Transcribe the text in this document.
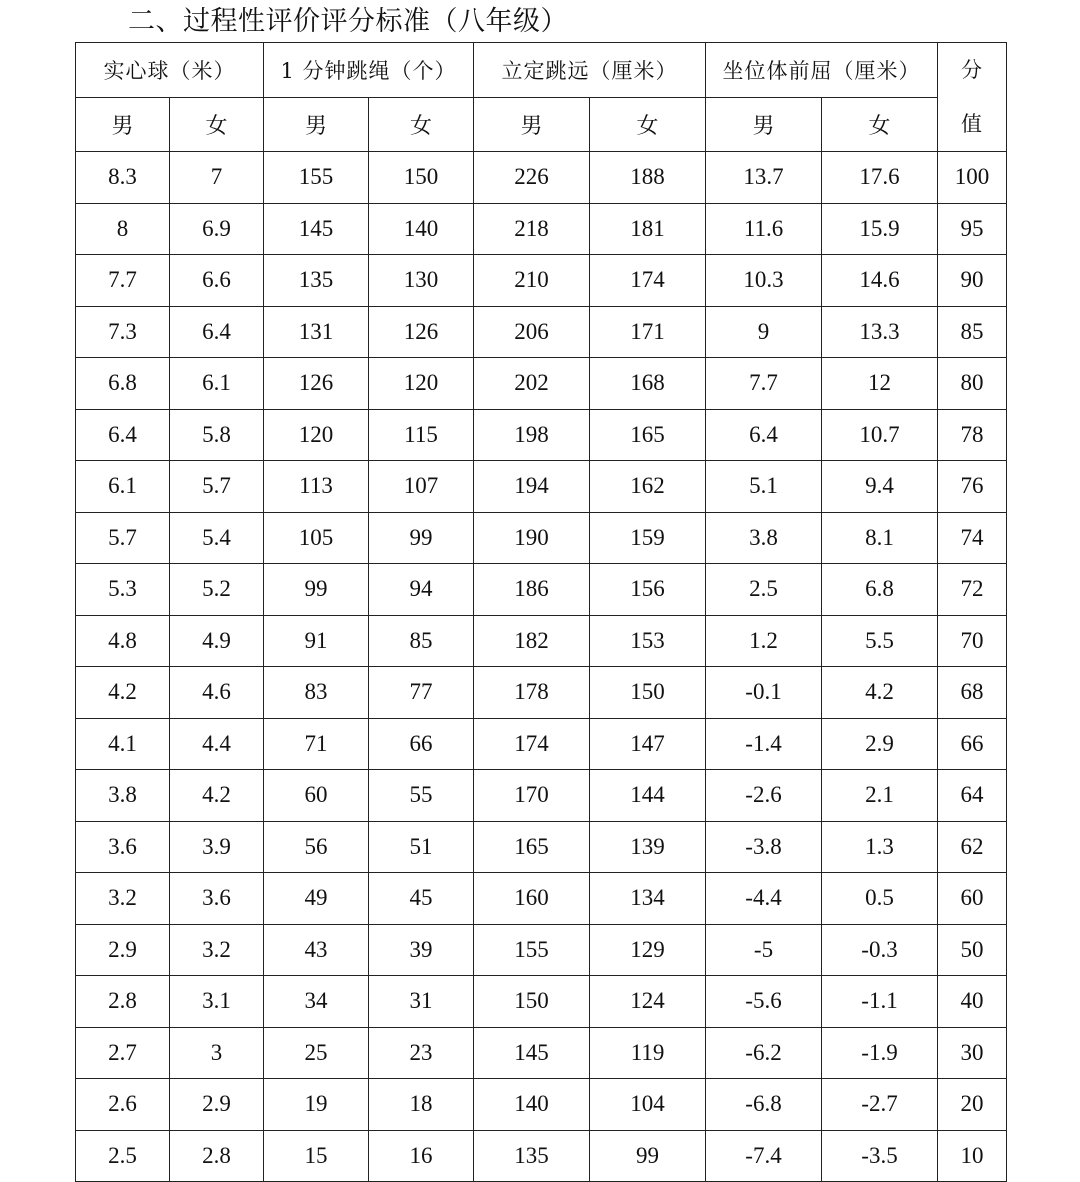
二、过程性评价评分标准（八年级）
实心球（米）		1 分钟跳绳（个）		立定跳远（厘米）		坐位体前屈（厘米）		分
值

男	女	男	女	男	女	男	女	
8.3	7	155	150	226	188	13.7	17.6	100
8	6.9	145	140	218	181	11.6	15.9	95
7.7	6.6	135	130	210	174	10.3	14.6	90
7.3	6.4	131	126	206	171	9	13.3	85
6.8	6.1	126	120	202	168	7.7	12	80
6.4	5.8	120	115	198	165	6.4	10.7	78
6.1	5.7	113	107	194	162	5.1	9.4	76
5.7	5.4	105	99	190	159	3.8	8.1	74
5.3	5.2	99	94	186	156	2.5	6.8	72
4.8	4.9	91	85	182	153	1.2	5.5	70
4.2	4.6	83	77	178	150	-0.1	4.2	68
4.1	4.4	71	66	174	147	-1.4	2.9	66
3.8	4.2	60	55	170	144	-2.6	2.1	64
3.6	3.9	56	51	165	139	-3.8	1.3	62
3.2	3.6	49	45	160	134	-4.4	0.5	60
2.9	3.2	43	39	155	129	-5	-0.3	50
2.8	3.1	34	31	150	124	-5.6	-1.1	40
2.7	3	25	23	145	119	-6.2	-1.9	30
2.6	2.9	19	18	140	104	-6.8	-2.7	20
2.5	2.8	15	16	135	99	-7.4	-3.5	10
